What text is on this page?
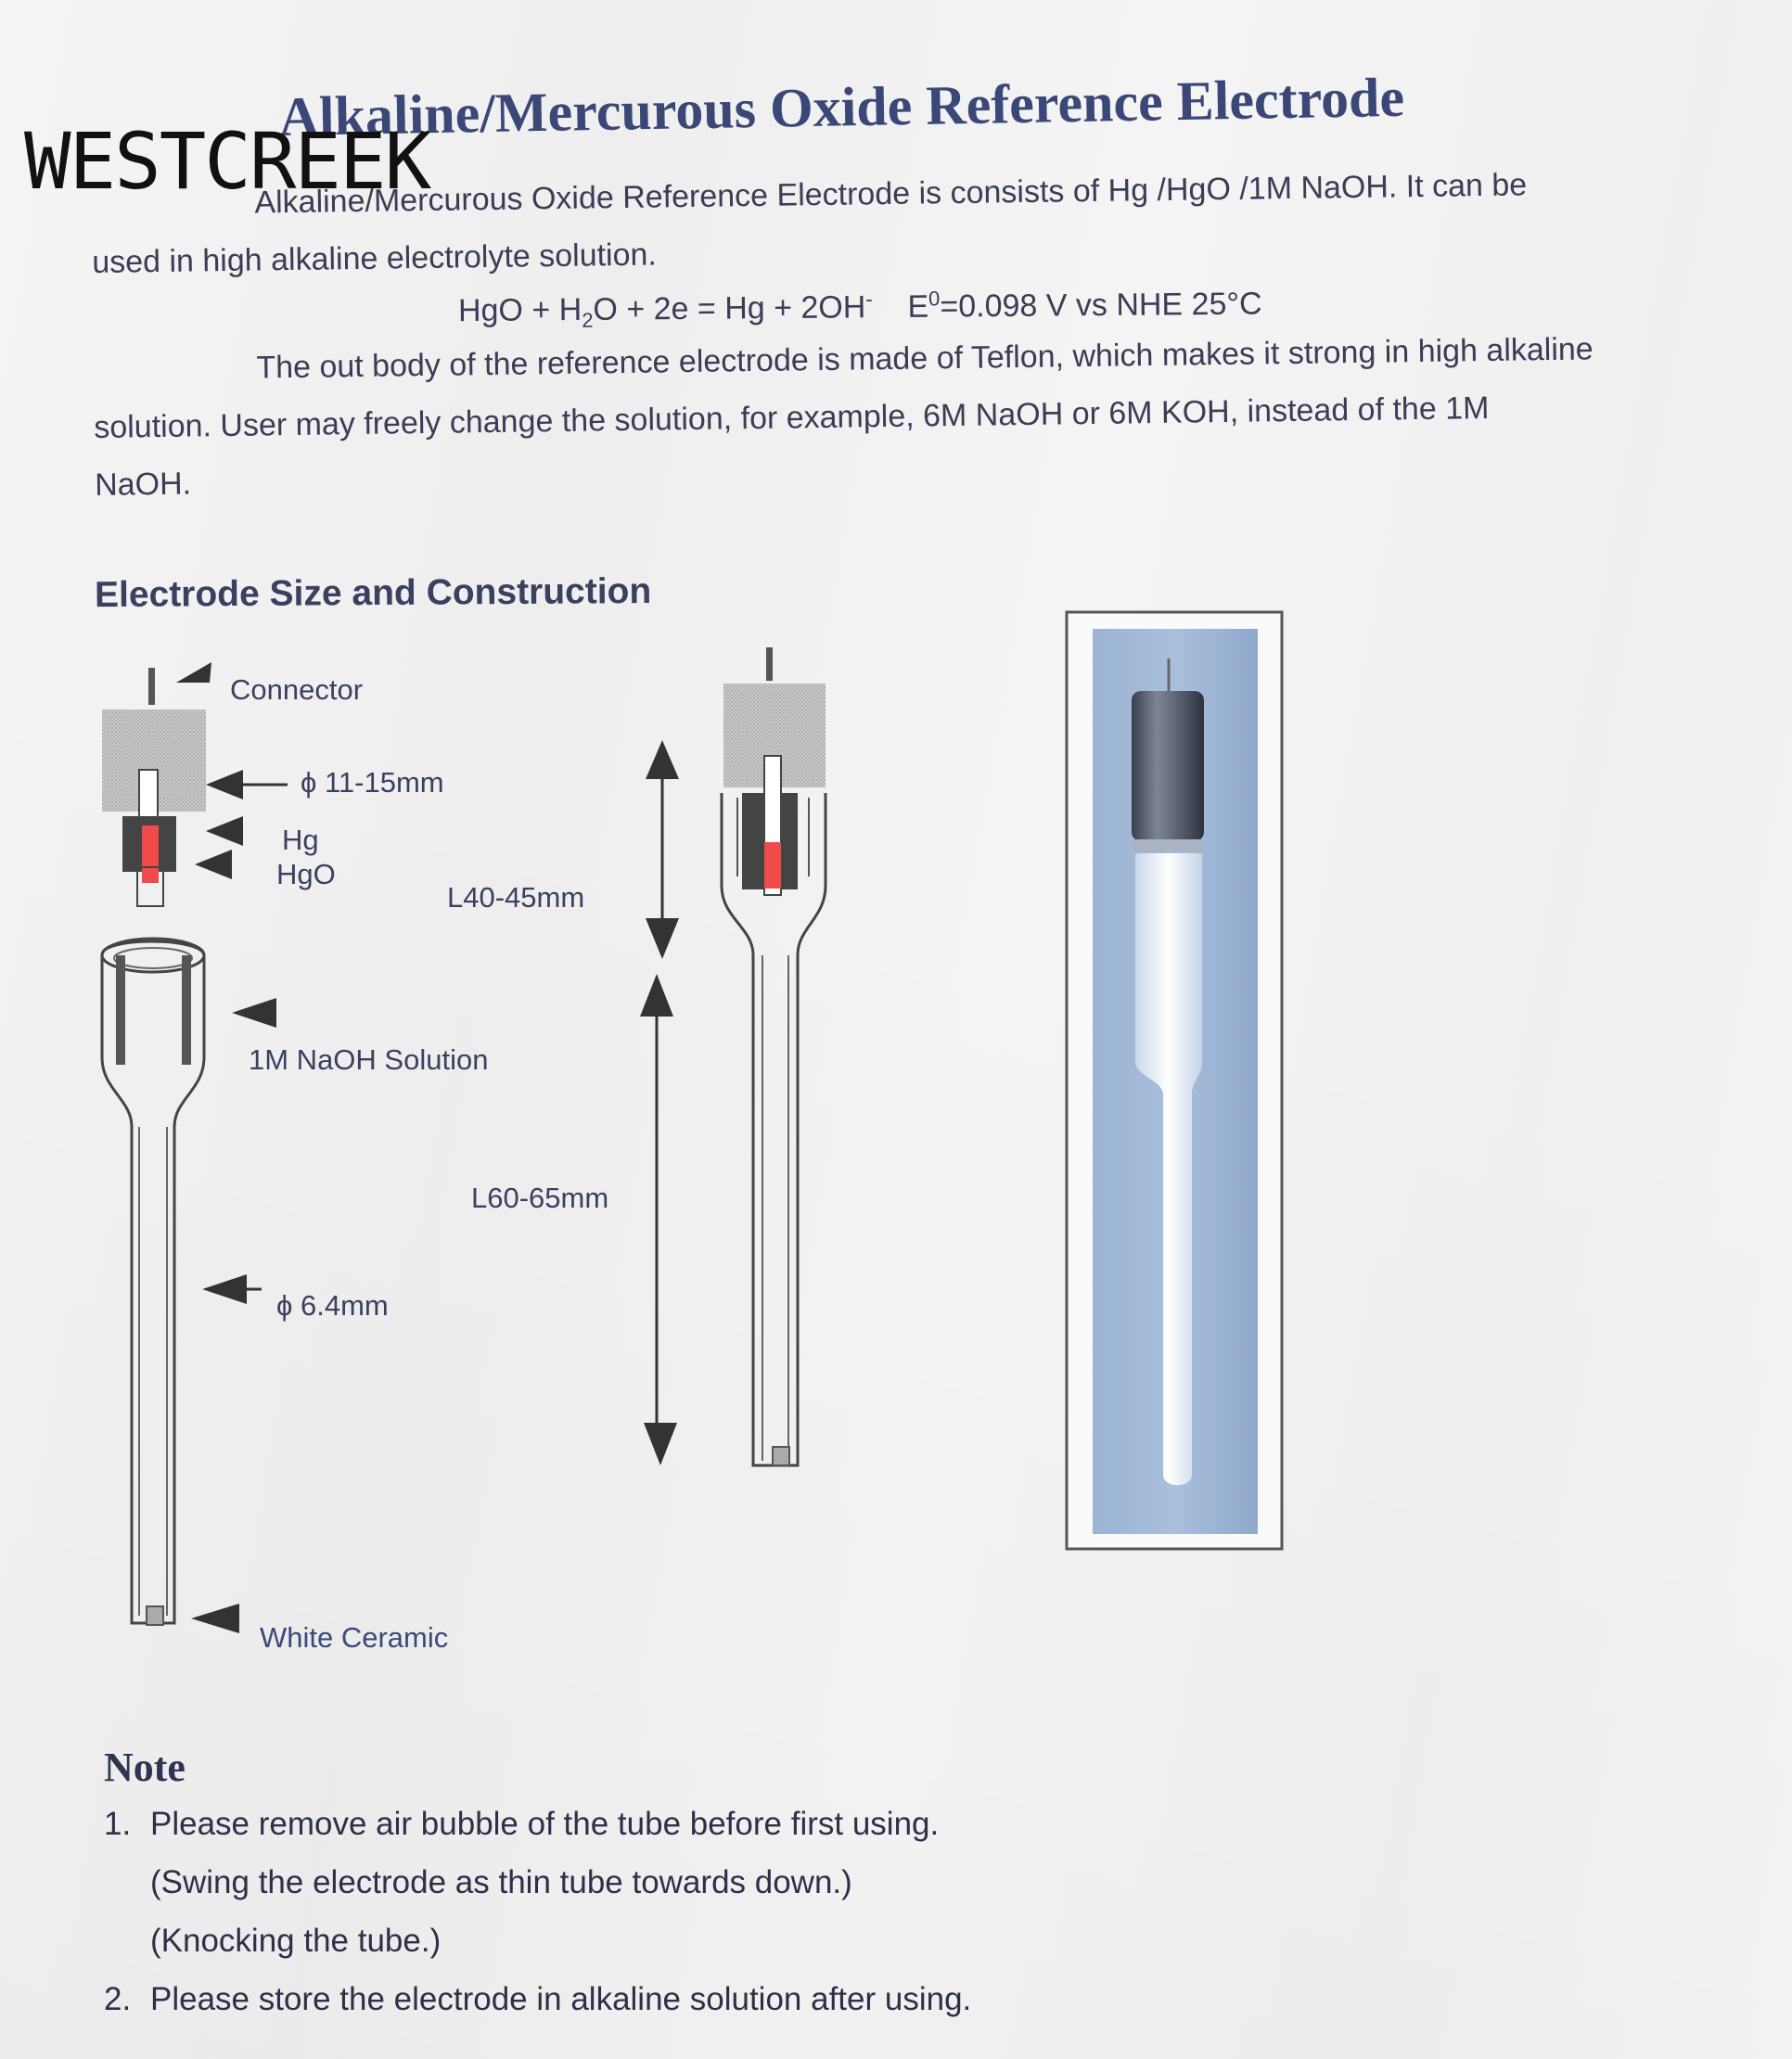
WESTCREEK
Alkaline/Mercurous Oxide Reference Electrode
Alkaline/Mercurous Oxide Reference Electrode is consists of Hg /HgO /1M NaOH. It can be
used in high alkaline electrolyte solution.
HgO + $H_2O + 2e = Hg + 2OH^-$ $E^0=0.098$ V vs NHE 25°C
The out body of the reference electrode is made of Teflon, which makes it strong in high alkaline
solution. User may freely change the solution, for example, 6M NaOH or 6M KOH, instead of the 1M
NaOH.
Electrode Size and Construction
Connector
ϕ 11-15mm
Hg
HgO
L40-45mm
1M NaOH Solution
L60-65mm
ϕ 6.4mm
White Ceramic
Note
1. Please remove air bubble of the tube before first using.
(Swing the electrode as thin tube towards down.)
(Knocking the tube.)
2. Please store the electrode in alkaline solution after using.
